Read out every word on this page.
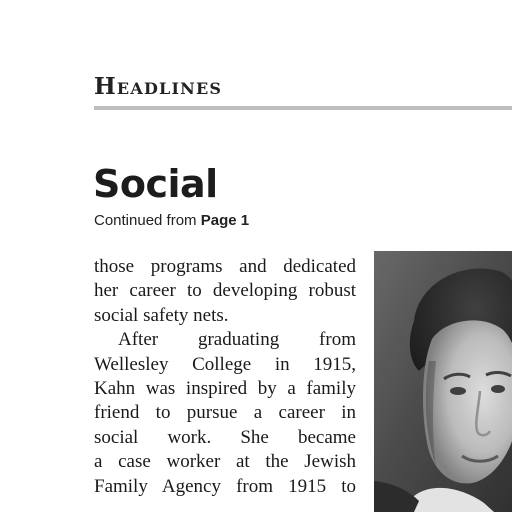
Headlines
Social
Continued from Page 1

those programs and dedicated
her career to developing robust
social safety nets.

After graduating from
Wellesley College in 1915,
Kahn was inspired by a family
friend to pursue a career in
social work. She became
a case worker at the Jewish
Family Agency from 1915 to
